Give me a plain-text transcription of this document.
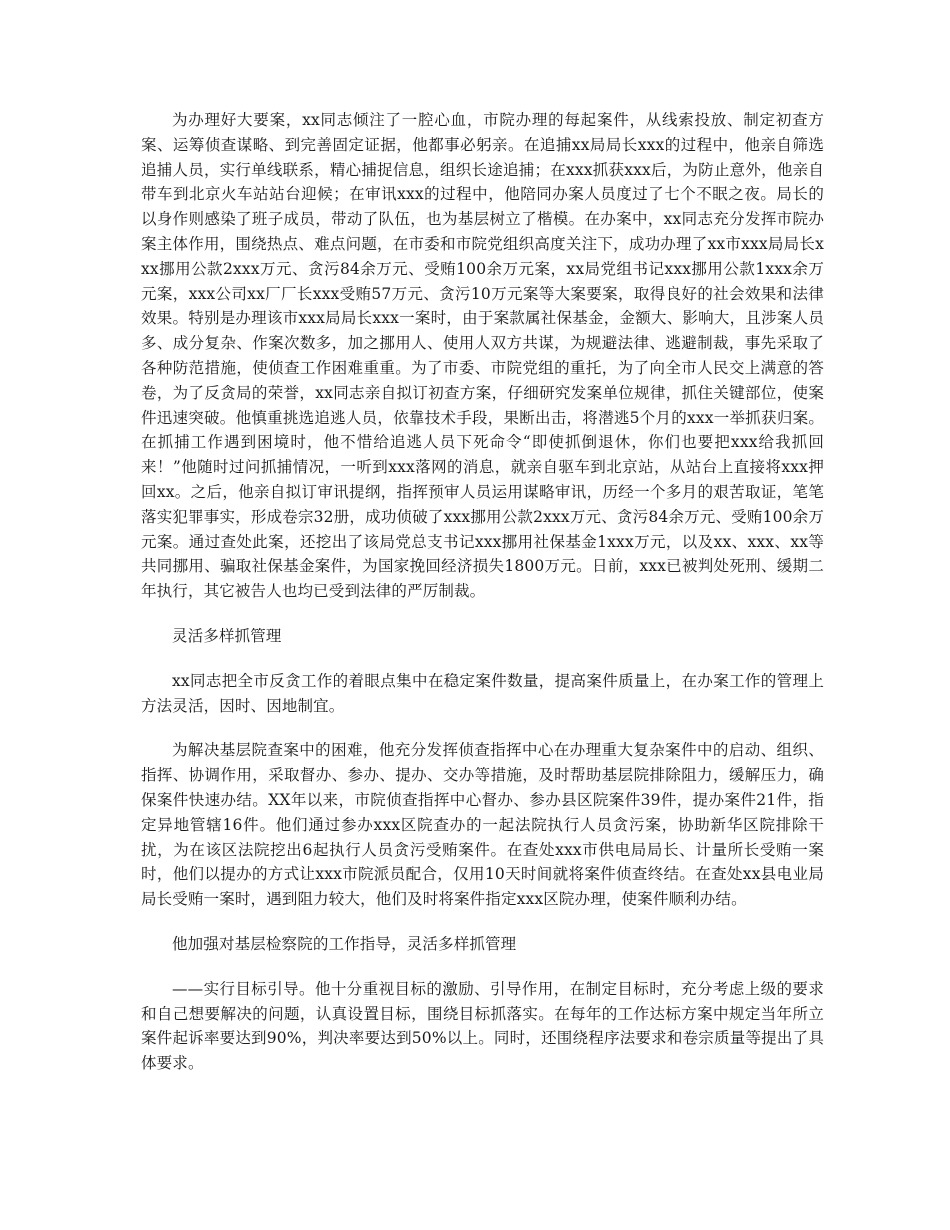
为办理好大要案，xx同志倾注了一腔心血，市院办理的每起案件，从线索投放、制定初查方案、运筹侦查谋略、到完善固定证据，他都事必躬亲。在追捕xx局局长xxx的过程中，他亲自筛选追捕人员，实行单线联系，精心捕捉信息，组织长途追捕；在xxx抓获xxx后，为防止意外，他亲自带车到北京火车站站台迎候；在审讯xxx的过程中，他陪同办案人员度过了七个不眠之夜。局长的以身作则感染了班子成员，带动了队伍，也为基层树立了楷模。在办案中，xx同志充分发挥市院办案主体作用，围绕热点、难点问题，在市委和市院党组织高度关注下，成功办理了xx市xxx局局长xxx挪用公款2xxx万元、贪污84余万元、受贿100余万元案，xx局党组书记xxx挪用公款1xxx余万元案，xxx公司xx厂厂长xxx受贿57万元、贪污10万元案等大案要案，取得良好的社会效果和法律效果。特别是办理该市xxx局局长xxx一案时，由于案款属社保基金，金额大、影响大，且涉案人员多、成分复杂、作案次数多，加之挪用人、使用人双方共谋，为规避法律、逃避制裁，事先采取了各种防范措施，使侦查工作困难重重。为了市委、市院党组的重托，为了向全市人民交上满意的答卷，为了反贪局的荣誉，xx同志亲自拟订初查方案，仔细研究发案单位规律，抓住关键部位，使案件迅速突破。他慎重挑选追逃人员，依靠技术手段，果断出击，将潜逃5个月的xxx一举抓获归案。在抓捕工作遇到困境时，他不惜给追逃人员下死命令“即使抓倒退休，你们也要把xxx给我抓回来！”他随时过问抓捕情况，一听到xxx落网的消息，就亲自驱车到北京站，从站台上直接将xxx押回xx。之后，他亲自拟订审讯提纲，指挥预审人员运用谋略审讯，历经一个多月的艰苦取证，笔笔落实犯罪事实，形成卷宗32册，成功侦破了xxx挪用公款2xxx万元、贪污84余万元、受贿100余万元案。通过查处此案，还挖出了该局党总支书记xxx挪用社保基金1xxx万元，以及xx、xxx、xx等共同挪用、骗取社保基金案件，为国家挽回经济损失1800万元。日前，xxx已被判处死刑、缓期二年执行，其它被告人也均已受到法律的严厉制裁。

灵活多样抓管理

xx同志把全市反贪工作的着眼点集中在稳定案件数量，提高案件质量上，在办案工作的管理上方法灵活，因时、因地制宜。

为解决基层院查案中的困难，他充分发挥侦查指挥中心在办理重大复杂案件中的启动、组织、指挥、协调作用，采取督办、参办、提办、交办等措施，及时帮助基层院排除阻力，缓解压力，确保案件快速办结。XX年以来，市院侦查指挥中心督办、参办县区院案件39件，提办案件21件，指定异地管辖16件。他们通过参办xxx区院查办的一起法院执行人员贪污案，协助新华区院排除干扰，为在该区法院挖出6起执行人员贪污受贿案件。在查处xxx市供电局局长、计量所长受贿一案时，他们以提办的方式让xxx市院派员配合，仅用10天时间就将案件侦查终结。在查处xx县电业局局长受贿一案时，遇到阻力较大，他们及时将案件指定xxx区院办理，使案件顺利办结。

他加强对基层检察院的工作指导，灵活多样抓管理

——实行目标引导。他十分重视目标的激励、引导作用，在制定目标时，充分考虑上级的要求和自己想要解决的问题，认真设置目标，围绕目标抓落实。在每年的工作达标方案中规定当年所立案件起诉率要达到90%，判决率要达到50%以上。同时，还围绕程序法要求和卷宗质量等提出了具体要求。
